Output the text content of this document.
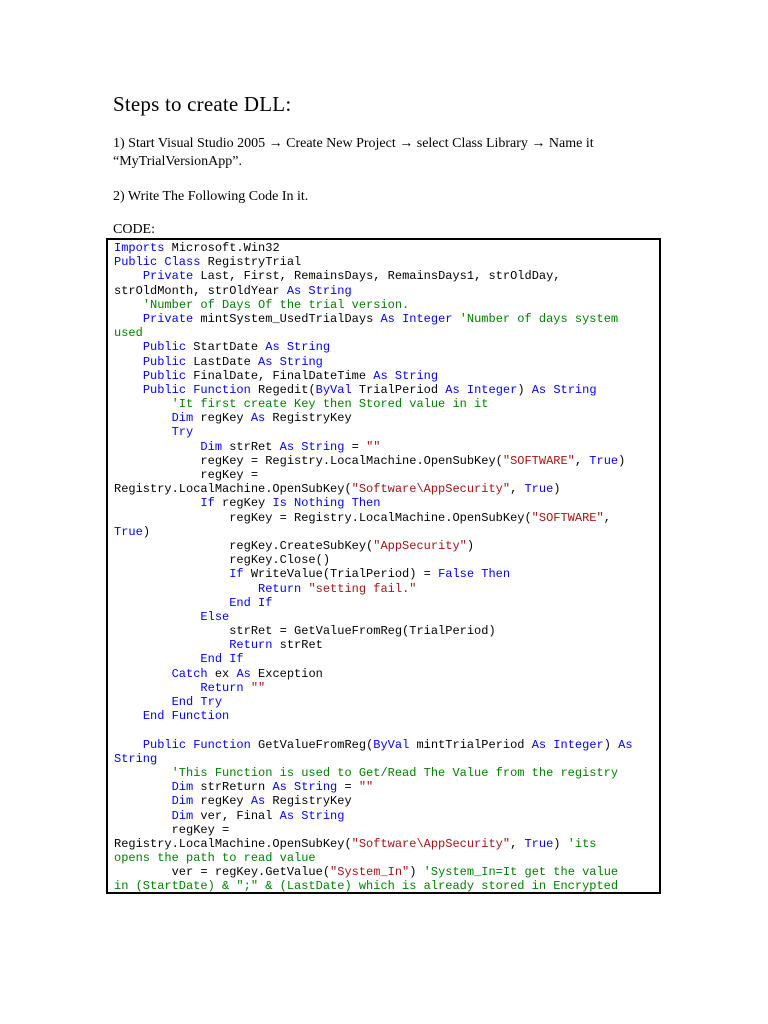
Steps to create DLL:
1) Start Visual Studio 2005 → Create New Project → select Class Library → Name it
“MyTrialVersionApp”.
2) Write The Following Code In it.
CODE:
Imports Microsoft.Win32
Public Class RegistryTrial
Private Last, First, RemainsDays, RemainsDays1, strOldDay,
strOldMonth, strOldYear As String
'Number of Days Of the trial version.
Private mintSystem_UsedTrialDays As Integer 'Number of days system
used
Public StartDate As String
Public LastDate As String
Public FinalDate, FinalDateTime As String
Public Function Regedit(ByVal TrialPeriod As Integer) As String
'It first create Key then Stored value in it
Dim regKey As RegistryKey
Try
Dim strRet As String = ""
regKey = Registry.LocalMachine.OpenSubKey("SOFTWARE", True)
regKey =
Registry.LocalMachine.OpenSubKey("Software\AppSecurity", True)
If regKey Is Nothing Then
regKey = Registry.LocalMachine.OpenSubKey("SOFTWARE",
True)
regKey.CreateSubKey("AppSecurity")
regKey.Close()
If WriteValue(TrialPeriod) = False Then
Return "setting fail."
End If
Else
strRet = GetValueFromReg(TrialPeriod)
Return strRet
End If
Catch ex As Exception
Return ""
End Try
End Function
Public Function GetValueFromReg(ByVal mintTrialPeriod As Integer) As
String
'This Function is used to Get/Read The Value from the registry
Dim strReturn As String = ""
Dim regKey As RegistryKey
Dim ver, Final As String
regKey =
Registry.LocalMachine.OpenSubKey("Software\AppSecurity", True) 'its
opens the path to read value
ver = regKey.GetValue("System_In") 'System_In=It get the value
in (StartDate) & ";" & (LastDate) which is already stored in Encrypted
